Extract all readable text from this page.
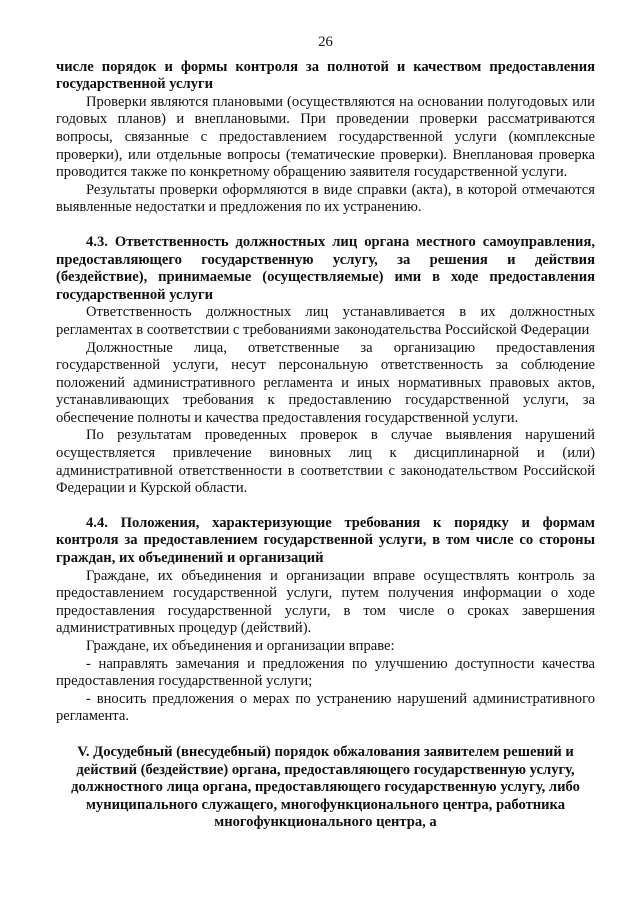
26

числе порядок и формы контроля за полнотой и качеством предоставления государственной услуги

Проверки являются плановыми (осуществляются на основании полугодовых или годовых планов) и внеплановыми. При проведении проверки рассматриваются вопросы, связанные с предоставлением государственной услуги (комплексные проверки), или отдельные вопросы (тематические проверки). Внеплановая проверка проводится также по конкретному обращению заявителя государственной услуги.

Результаты проверки оформляются в виде справки (акта), в которой отмечаются выявленные недостатки и предложения по их устранению.

4.3. Ответственность должностных лиц органа местного самоуправления, предоставляющего государственную услугу, за решения и действия (бездействие), принимаемые (осуществляемые) ими в ходе предоставления государственной услуги

Ответственность должностных лиц устанавливается в их должностных регламентах в соответствии с требованиями законодательства Российской Федерации

Должностные лица, ответственные за организацию предоставления государственной услуги, несут персональную ответственность за соблюдение положений административного регламента и иных нормативных правовых актов, устанавливающих требования к предоставлению государственной услуги, за обеспечение полноты и качества предоставления государственной услуги.

По результатам проведенных проверок в случае выявления нарушений осуществляется привлечение виновных лиц к дисциплинарной и (или) административной ответственности в соответствии с законодательством Российской Федерации и Курской области.

4.4. Положения, характеризующие требования к порядку и формам контроля за предоставлением государственной услуги, в том числе со стороны граждан, их объединений и организаций

Граждане, их объединения и организации вправе осуществлять контроль за предоставлением государственной услуги, путем получения информации о ходе предоставления государственной услуги, в том числе о сроках завершения административных процедур (действий).

Граждане, их объединения и организации вправе:

- направлять замечания и предложения по улучшению доступности качества предоставления государственной услуги;

- вносить предложения о мерах по устранению нарушений административного регламента.

V. Досудебный (внесудебный) порядок обжалования заявителем решений и действий (бездействие) органа, предоставляющего государственную услугу, должностного лица органа, предоставляющего государственную услугу, либо муниципального служащего, многофункционального центра, работника многофункционального центра, а
